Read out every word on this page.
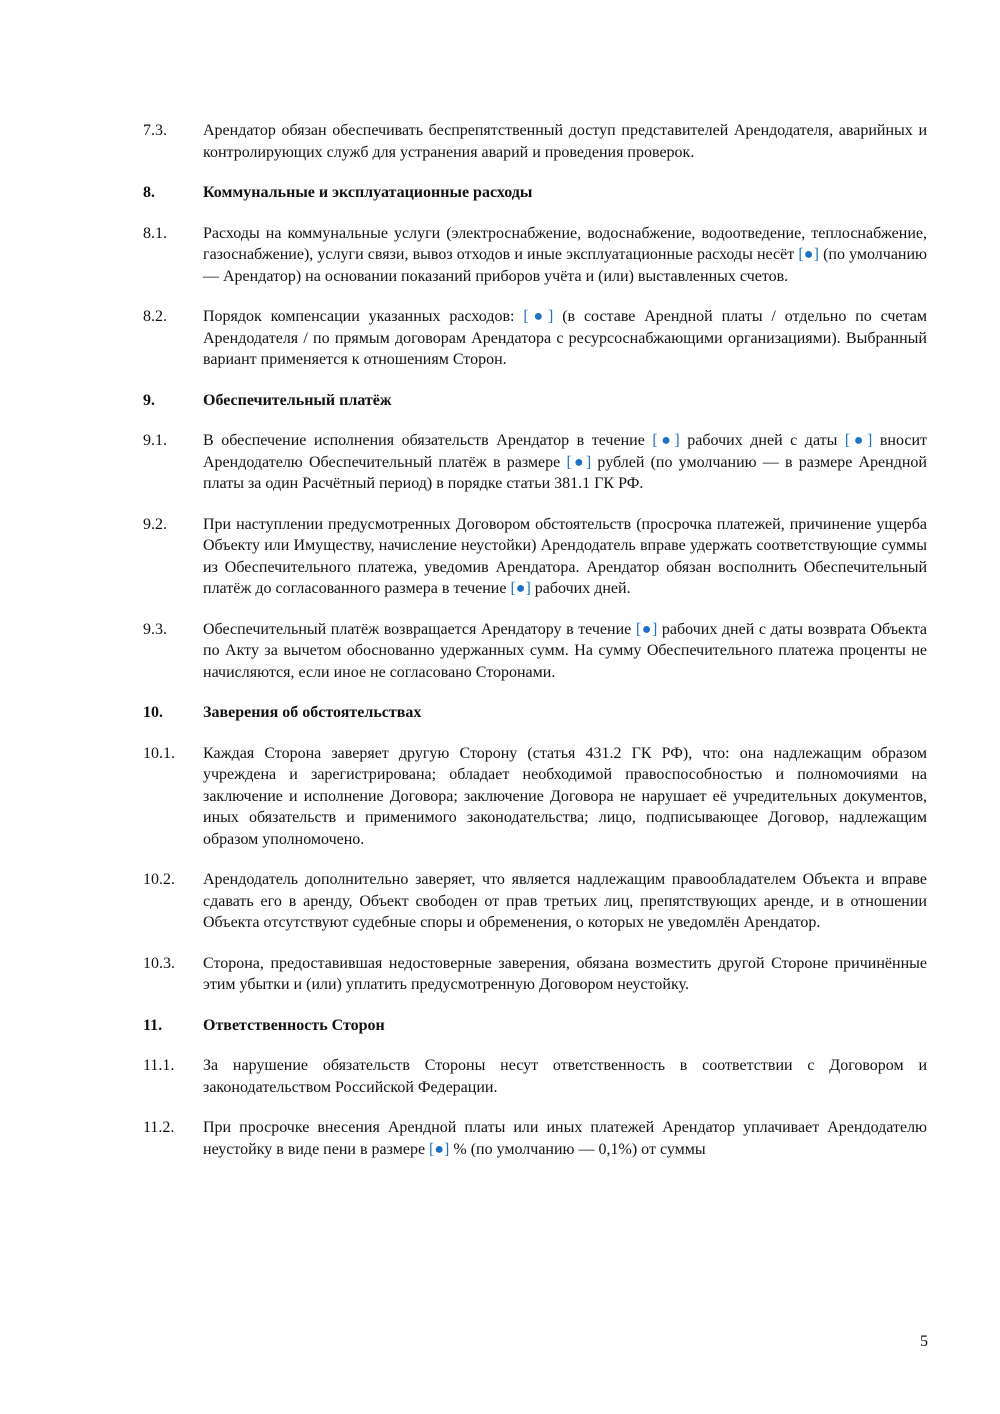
7.3.	Арендатор обязан обеспечивать беспрепятственный доступ представителей Арендодателя, аварийных и контролирующих служб для устранения аварий и проведения проверок.
8.	Коммунальные и эксплуатационные расходы
8.1.	Расходы на коммунальные услуги (электроснабжение, водоснабжение, водоотведение, теплоснабжение, газоснабжение), услуги связи, вывоз отходов и иные эксплуатационные расходы несёт [●] (по умолчанию — Арендатор) на основании показаний приборов учёта и (или) выставленных счетов.
8.2.	Порядок компенсации указанных расходов: [●] (в составе Арендной платы / отдельно по счетам Арендодателя / по прямым договорам Арендатора с ресурсоснабжающими организациями). Выбранный вариант применяется к отношениям Сторон.
9.	Обеспечительный платёж
9.1.	В обеспечение исполнения обязательств Арендатор в течение [●] рабочих дней с даты [●] вносит Арендодателю Обеспечительный платёж в размере [●] рублей (по умолчанию — в размере Арендной платы за один Расчётный период) в порядке статьи 381.1 ГК РФ.
9.2.	При наступлении предусмотренных Договором обстоятельств (просрочка платежей, причинение ущерба Объекту или Имуществу, начисление неустойки) Арендодатель вправе удержать соответствующие суммы из Обеспечительного платежа, уведомив Арендатора. Арендатор обязан восполнить Обеспечительный платёж до согласованного размера в течение [●] рабочих дней.
9.3.	Обеспечительный платёж возвращается Арендатору в течение [●] рабочих дней с даты возврата Объекта по Акту за вычетом обоснованно удержанных сумм. На сумму Обеспечительного платежа проценты не начисляются, если иное не согласовано Сторонами.
10.	Заверения об обстоятельствах
10.1.	Каждая Сторона заверяет другую Сторону (статья 431.2 ГК РФ), что: она надлежащим образом учреждена и зарегистрирована; обладает необходимой правоспособностью и полномочиями на заключение и исполнение Договора; заключение Договора не нарушает её учредительных документов, иных обязательств и применимого законодательства; лицо, подписывающее Договор, надлежащим образом уполномочено.
10.2.	Арендодатель дополнительно заверяет, что является надлежащим правообладателем Объекта и вправе сдавать его в аренду, Объект свободен от прав третьих лиц, препятствующих аренде, и в отношении Объекта отсутствуют судебные споры и обременения, о которых не уведомлён Арендатор.
10.3.	Сторона, предоставившая недостоверные заверения, обязана возместить другой Стороне причинённые этим убытки и (или) уплатить предусмотренную Договором неустойку.
11.	Ответственность Сторон
11.1.	За нарушение обязательств Стороны несут ответственность в соответствии с Договором и законодательством Российской Федерации.
11.2.	При просрочке внесения Арендной платы или иных платежей Арендатор уплачивает Арендодателю неустойку в виде пени в размере [●] % (по умолчанию — 0,1%) от суммы
5
